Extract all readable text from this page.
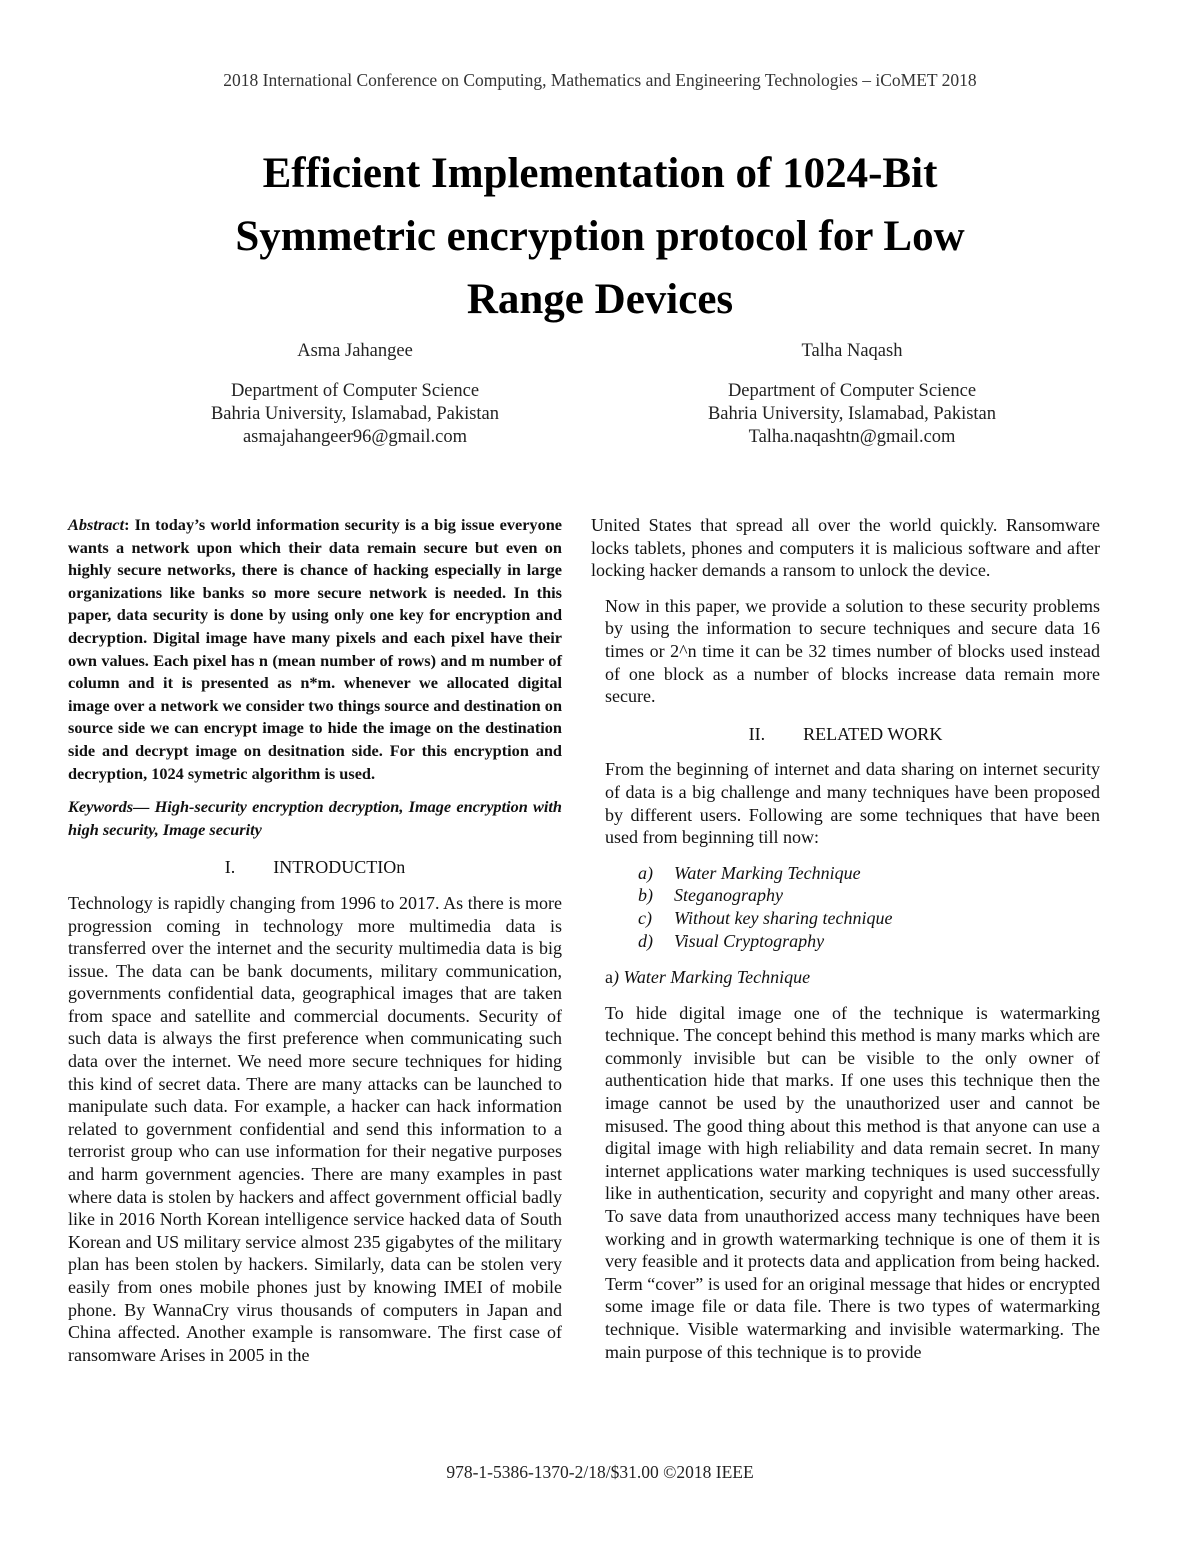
2018 International Conference on Computing, Mathematics and Engineering Technologies – iCoMET 2018
Efficient Implementation of 1024-Bit
Symmetric encryption protocol for Low
Range Devices
Asma Jahangee
Department of Computer Science
Bahria University, Islamabad, Pakistan
asmajahangeer96@gmail.com
Talha Naqash
Department of Computer Science
Bahria University, Islamabad, Pakistan
Talha.naqashtn@gmail.com

Abstract: In today’s world information security is a big issue everyone wants a network upon which their data remain secure but even on highly secure networks, there is chance of hacking especially in large organizations like banks so more secure network is needed. In this paper, data security is done by using only one key for encryption and decryption. Digital image have many pixels and each pixel have their own values. Each pixel has n (mean number of rows) and m number of column and it is presented as n*m. whenever we allocated digital image over a network we consider two things source and destination on source side we can encrypt image to hide the image on the destination side and decrypt image on desitnation side. For this encryption and decryption, 1024 symetric algorithm is used.

Keywords— High-security encryption decryption, Image encryption with high security, Image security

I. INTRODUCTIOn

Technology is rapidly changing from 1996 to 2017. As there is more progression coming in technology more multimedia data is transferred over the internet and the security multimedia data is big issue. The data can be bank documents, military communication, governments confidential data, geographical images that are taken from space and satellite and commercial documents. Security of such data is always the first preference when communicating such data over the internet. We need more secure techniques for hiding this kind of secret data. There are many attacks can be launched to manipulate such data. For example, a hacker can hack information related to government confidential and send this information to a terrorist group who can use information for their negative purposes and harm government agencies. There are many examples in past where data is stolen by hackers and affect government official badly like in 2016 North Korean intelligence service hacked data of South Korean and US military service almost 235 gigabytes of the military plan has been stolen by hackers. Similarly, data can be stolen very easily from ones mobile phones just by knowing IMEI of mobile phone. By WannaCry virus thousands of computers in Japan and China affected. Another example is ransomware. The first case of ransomware Arises in 2005 in the

United States that spread all over the world quickly. Ransomware locks tablets, phones and computers it is malicious software and after locking hacker demands a ransom to unlock the device.

Now in this paper, we provide a solution to these security problems by using the information to secure techniques and secure data 16 times or 2^n time it can be 32 times number of blocks used instead of one block as a number of blocks increase data remain more secure.

II. RELATED WORK

From the beginning of internet and data sharing on internet security of data is a big challenge and many techniques have been proposed by different users. Following are some techniques that have been used from beginning till now:

a) Water Marking Technique
b) Steganography
c) Without key sharing technique
d) Visual Cryptography
a) Water Marking Technique

To hide digital image one of the technique is watermarking technique. The concept behind this method is many marks which are commonly invisible but can be visible to the only owner of authentication hide that marks. If one uses this technique then the image cannot be used by the unauthorized user and cannot be misused. The good thing about this method is that anyone can use a digital image with high reliability and data remain secret. In many internet applications water marking techniques is used successfully like in authentication, security and copyright and many other areas. To save data from unauthorized access many techniques have been working and in growth watermarking technique is one of them it is very feasible and it protects data and application from being hacked. Term “cover” is used for an original message that hides or encrypted some image file or data file. There is two types of watermarking technique. Visible watermarking and invisible watermarking. The main purpose of this technique is to provide

978-1-5386-1370-2/18/$31.00 ©2018 IEEE
